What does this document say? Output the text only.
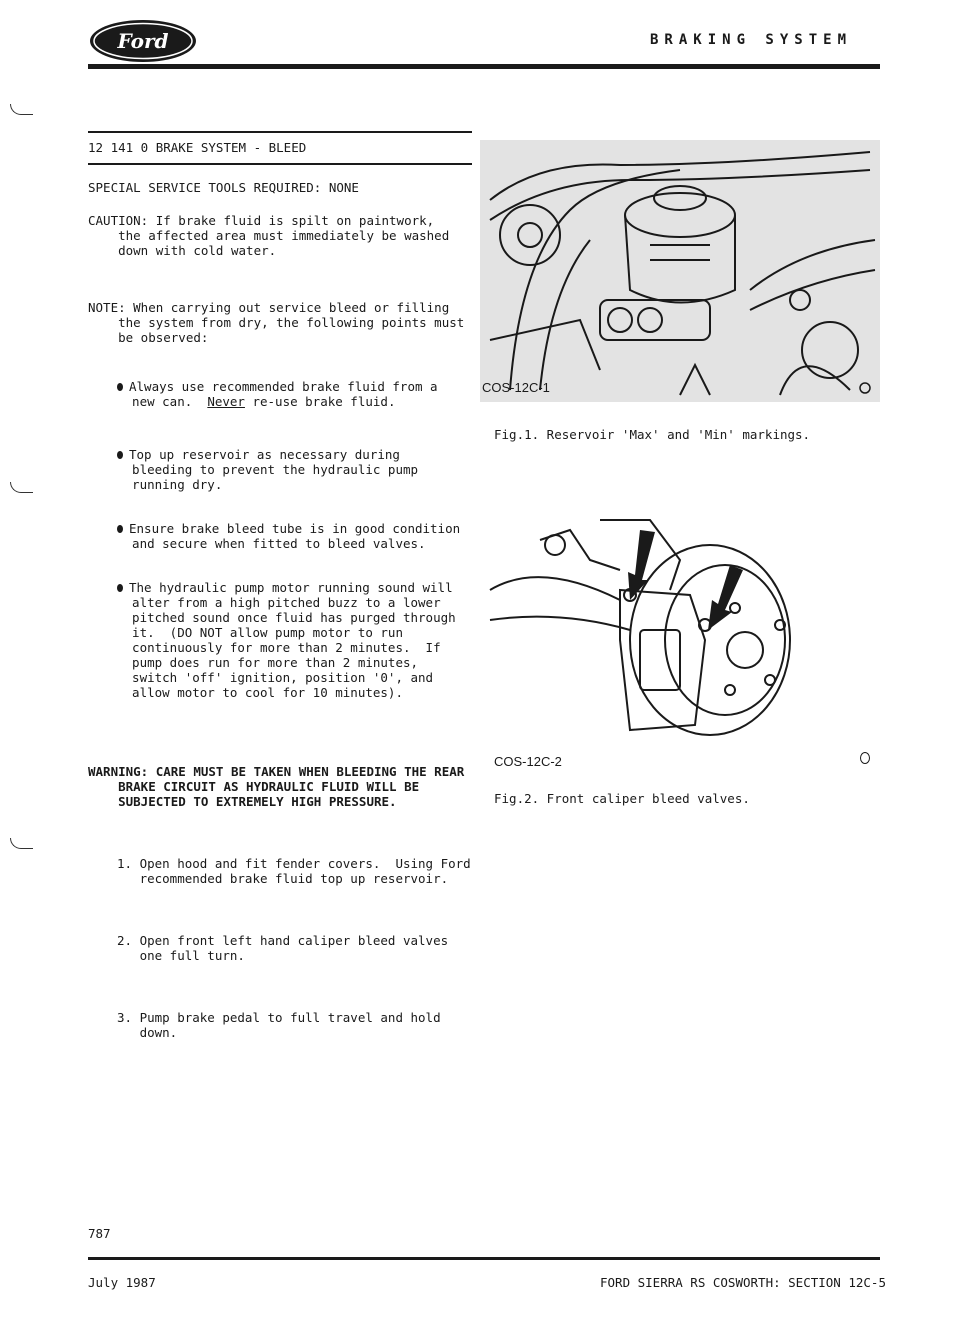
Ford	BRAKING SYSTEM
12 141 0 BRAKE SYSTEM - BLEED
SPECIAL SERVICE TOOLS REQUIRED: NONE
CAUTION: If brake fluid is spilt on paintwork,
the affected area must immediately be washed
down with cold water.
NOTE: When carrying out service bleed or filling
the system from dry, the following points must
be observed:
Always use recommended brake fluid from a
new can.  Never re-use brake fluid.
Top up reservoir as necessary during
bleeding to prevent the hydraulic pump
running dry.
Ensure brake bleed tube is in good condition
and secure when fitted to bleed valves.
The hydraulic pump motor running sound will
alter from a high pitched buzz to a lower
pitched sound once fluid has purged through
it.  (DO NOT allow pump motor to run
continuously for more than 2 minutes.  If
pump does run for more than 2 minutes,
switch 'off' ignition, position '0', and
allow motor to cool for 10 minutes).
WARNING: CARE MUST BE TAKEN WHEN BLEEDING THE REAR
BRAKE CIRCUIT AS HYDRAULIC FLUID WILL BE
SUBJECTED TO EXTREMELY HIGH PRESSURE.
1. Open hood and fit fender covers.  Using Ford
recommended brake fluid top up reservoir.
2. Open front left hand caliper bleed valves
one full turn.
3. Pump brake pedal to full travel and hold
down.
COS-12C-1
Fig.1. Reservoir 'Max' and 'Min' markings.
COS-12C-2
Fig.2. Front caliper bleed valves.
787
July 1987	FORD SIERRA RS COSWORTH: SECTION 12C-5
